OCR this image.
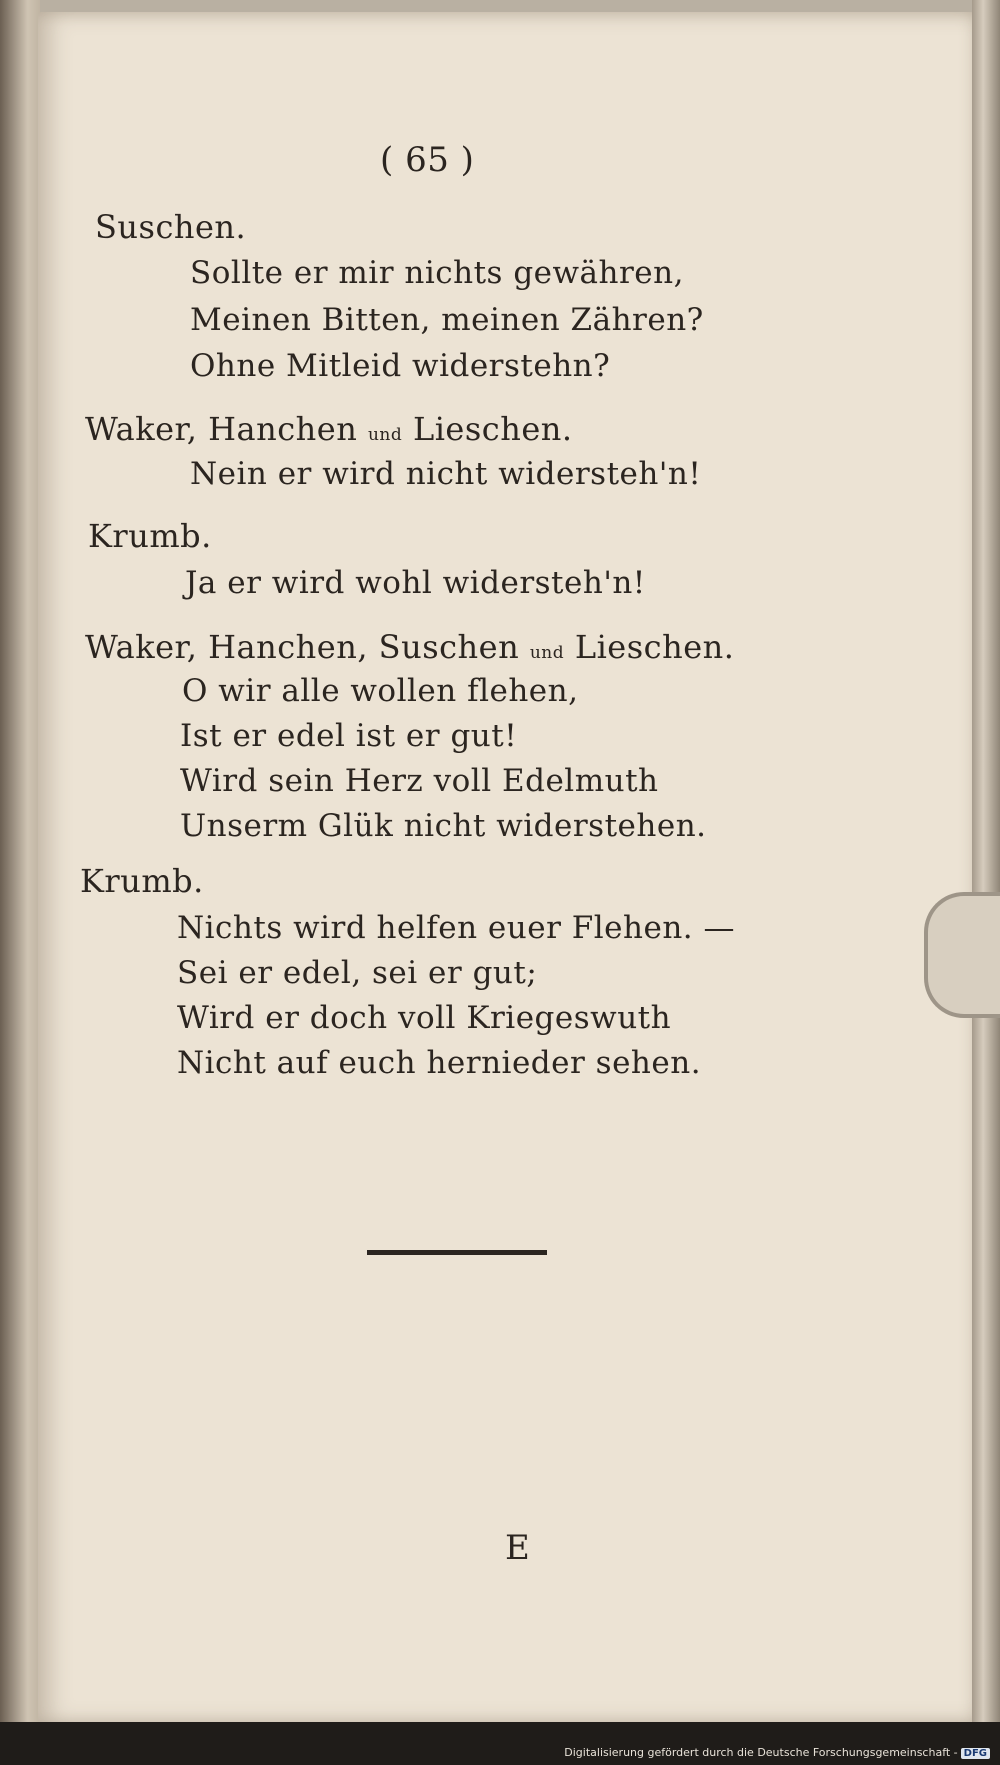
( 65 )
Suschen.
Sollte er mir nichts gewähren,
Meinen Bitten, meinen Zähren?
Ohne Mitleid widerstehn?
Waker, Hanchen und Lieschen.
Nein er wird nicht widersteh'n!
Krumb.
Ja er wird wohl widersteh'n!
Waker, Hanchen, Suschen und Lieschen.
O wir alle wollen flehen,
Ist er edel ist er gut!
Wird sein Herz voll Edelmuth
Unserm Glük nicht widerstehen.
Krumb.
Nichts wird helfen euer Flehen. —
Sei er edel, sei er gut;
Wird er doch voll Kriegeswuth
Nicht auf euch hernieder sehen.
E
Digitalisierung gefördert durch die Deutsche Forschungsgemeinschaft - DFG
